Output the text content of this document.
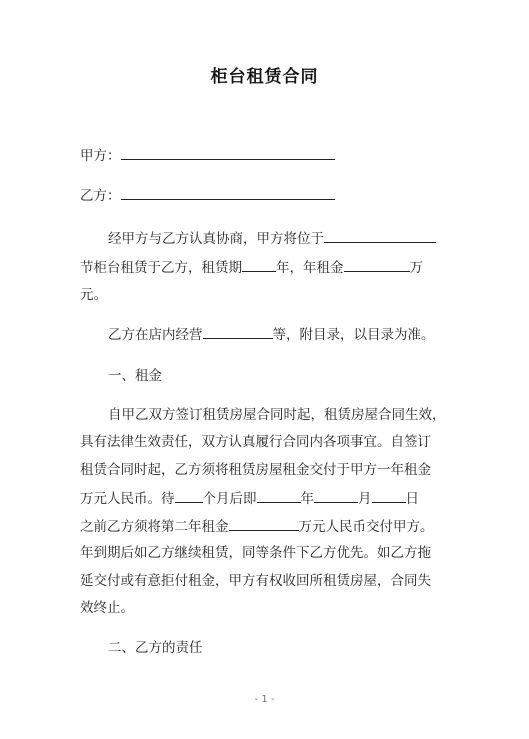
柜台租赁合同
甲方：
乙方：
经甲方与乙方认真协商，甲方将位于
节柜台租赁于乙方，租赁期	年，年租金	万
元。
乙方在店内经营	等，附目录，以目录为准。
一、租金
自甲乙双方签订租赁房屋合同时起，租赁房屋合同生效，
具有法律生效责任，双方认真履行合同内各项事宜。自签订
租赁合同时起，乙方须将租赁房屋租金交付于甲方一年租金
万元人民币。待 个月后即	年	月	日
之前乙方须将第二年租金	万元人民币交付甲方。
年到期后如乙方继续租赁，同等条件下乙方优先。如乙方拖
延交付或有意拒付租金，甲方有权收回所租赁房屋，合同失
效终止。
二、乙方的责任
- 1 -
